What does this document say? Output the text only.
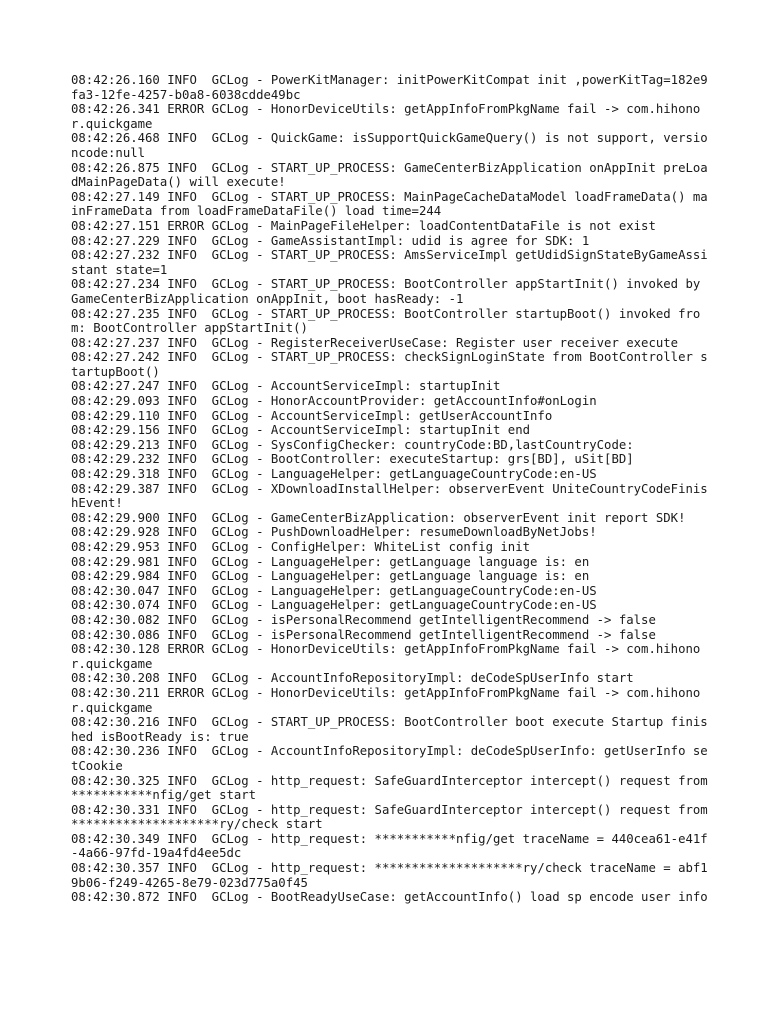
08:42:26.160 INFO  GCLog - PowerKitManager: initPowerKitCompat init ,powerKitTag=182e9fa3-12fe-4257-b0a8-6038cdde49bc
08:42:26.341 ERROR GCLog - HonorDeviceUtils: getAppInfoFromPkgName fail -> com.hihonor.quickgame
08:42:26.468 INFO  GCLog - QuickGame: isSupportQuickGameQuery() is not support, versioncode:null
08:42:26.875 INFO  GCLog - START_UP_PROCESS: GameCenterBizApplication onAppInit preLoadMainPageData() will execute!
08:42:27.149 INFO  GCLog - START_UP_PROCESS: MainPageCacheDataModel loadFrameData() mainFrameData from loadFrameDataFile() load time=244
08:42:27.151 ERROR GCLog - MainPageFileHelper: loadContentDataFile is not exist
08:42:27.229 INFO  GCLog - GameAssistantImpl: udid is agree for SDK: 1
08:42:27.232 INFO  GCLog - START_UP_PROCESS: AmsServiceImpl getUdidSignStateByGameAssistant state=1
08:42:27.234 INFO  GCLog - START_UP_PROCESS: BootController appStartInit() invoked by GameCenterBizApplication onAppInit, boot hasReady: -1
08:42:27.235 INFO  GCLog - START_UP_PROCESS: BootController startupBoot() invoked from: BootController appStartInit()
08:42:27.237 INFO  GCLog - RegisterReceiverUseCase: Register user receiver execute
08:42:27.242 INFO  GCLog - START_UP_PROCESS: checkSignLoginState from BootController startupBoot()
08:42:27.247 INFO  GCLog - AccountServiceImpl: startupInit
08:42:29.093 INFO  GCLog - HonorAccountProvider: getAccountInfo#onLogin
08:42:29.110 INFO  GCLog - AccountServiceImpl: getUserAccountInfo
08:42:29.156 INFO  GCLog - AccountServiceImpl: startupInit end
08:42:29.213 INFO  GCLog - SysConfigChecker: countryCode:BD,lastCountryCode:
08:42:29.232 INFO  GCLog - BootController: executeStartup: grs[BD], uSit[BD]
08:42:29.318 INFO  GCLog - LanguageHelper: getLanguageCountryCode:en-US
08:42:29.387 INFO  GCLog - XDownloadInstallHelper: observerEvent UniteCountryCodeFinishEvent!
08:42:29.900 INFO  GCLog - GameCenterBizApplication: observerEvent init report SDK!
08:42:29.928 INFO  GCLog - PushDownloadHelper: resumeDownloadByNetJobs!
08:42:29.953 INFO  GCLog - ConfigHelper: WhiteList config init
08:42:29.981 INFO  GCLog - LanguageHelper: getLanguage language is: en
08:42:29.984 INFO  GCLog - LanguageHelper: getLanguage language is: en
08:42:30.047 INFO  GCLog - LanguageHelper: getLanguageCountryCode:en-US
08:42:30.074 INFO  GCLog - LanguageHelper: getLanguageCountryCode:en-US
08:42:30.082 INFO  GCLog - isPersonalRecommend getIntelligentRecommend -> false
08:42:30.086 INFO  GCLog - isPersonalRecommend getIntelligentRecommend -> false
08:42:30.128 ERROR GCLog - HonorDeviceUtils: getAppInfoFromPkgName fail -> com.hihonor.quickgame
08:42:30.208 INFO  GCLog - AccountInfoRepositoryImpl: deCodeSpUserInfo start
08:42:30.211 ERROR GCLog - HonorDeviceUtils: getAppInfoFromPkgName fail -> com.hihonor.quickgame
08:42:30.216 INFO  GCLog - START_UP_PROCESS: BootController boot execute Startup finished isBootReady is: true
08:42:30.236 INFO  GCLog - AccountInfoRepositoryImpl: deCodeSpUserInfo: getUserInfo setCookie
08:42:30.325 INFO  GCLog - http_request: SafeGuardInterceptor intercept() request from  ***********nfig/get start
08:42:30.331 INFO  GCLog - http_request: SafeGuardInterceptor intercept() request from  ********************ry/check start
08:42:30.349 INFO  GCLog - http_request: ***********nfig/get traceName = 440cea61-e41f-4a66-97fd-19a4fd4ee5dc
08:42:30.357 INFO  GCLog - http_request: ********************ry/check traceName = abf19b06-f249-4265-8e79-023d775a0f45
08:42:30.872 INFO  GCLog - BootReadyUseCase: getAccountInfo() load sp encode user info
